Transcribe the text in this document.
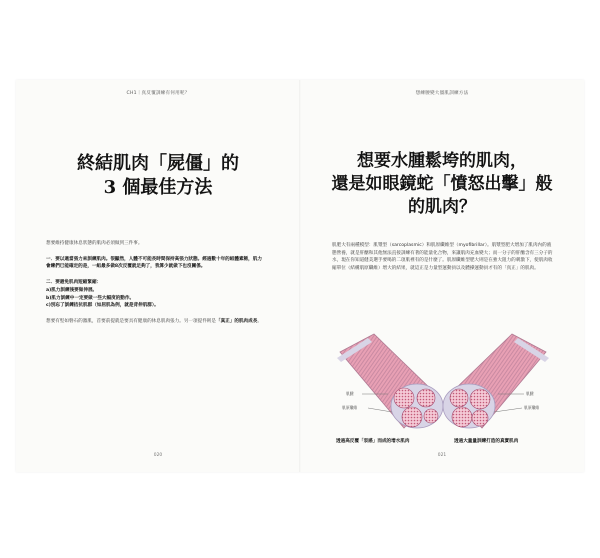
CH1｜真反覆訓練有何用呢？
終結肌肉「屍僵」的
3 個最佳方法

想要維持健康休息狀態的肌肉必須做到三件事。

一．要以適當張力來訓練肌肉。很顯然，人體不可能長時間保持高張力狀態。經過數十年的組體素稀，肌力會練們已能確定的是，一組最多做8次反覆就足夠了，我算少就做下也沒關係。

二．要避免肌肉短縮緊縮：

a)肌力訓練後要做伸展。
b)肌力訓練中一定要做一些大幅度的動作。
c)別忘了訓練拮抗肌群（如屈肌為例，就是背伸肌群）。

想要有堅如磐石的激肌，首要前提就是要具有健康的休息肌肉張力。另一項提件則是「真正」的肌肉成長。

020
想練腰變大僵肌訓練方法
想要水腫鬆垮的肌肉，
還是如眼鏡蛇「憤怒出擊」般
的肌肉？

肌肥大有兩種模型：肌漿型（sarcoplasmic）和肌原纖維型（myofibrillar）。肌漿型肥大增加了肌肉內的液態營養，就是肝醣和其他無法直接訓練有著的能量化合物，來讓肌肉充血變大；而一分子的肝醣含有三分子的水，現在你知道健美選手要喝的二項肌裡有的是什麼了。肌原纖維型肥大則是在強大阻力的刺激下，使肌肉收縮單位（結構肌原纖維）增大的結果，就這正是力量型運動員以及體操運動員才有的「真正」的肌肉。

肌腱
肌原纖維
肌腱
肌原纖維
透過高反覆「泵感」而成的增水肌肉	透過大量量訓練打造的真實肌肉
021
